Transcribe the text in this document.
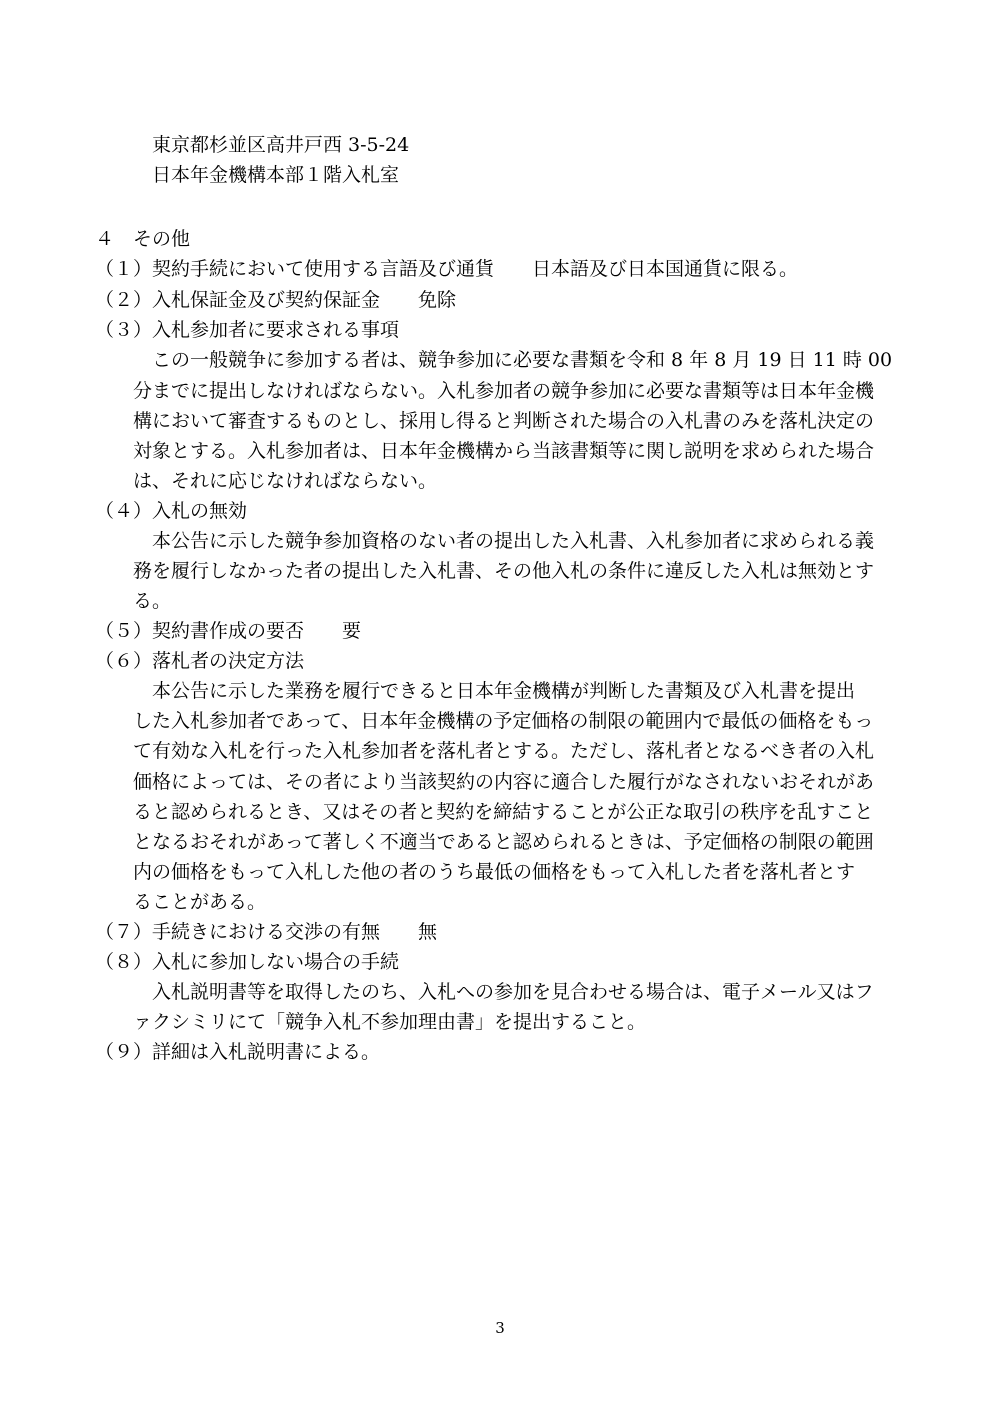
東京都杉並区高井戸西 3-5-24
日本年金機構本部１階入札室
４　その他
（１）契約手続において使用する言語及び通貨　　日本語及び日本国通貨に限る。
（２）入札保証金及び契約保証金　　免除
（３）入札参加者に要求される事項
この一般競争に参加する者は、競争参加に必要な書類を令和 8 年 8 月 19 日 11 時 00
分までに提出しなければならない。入札参加者の競争参加に必要な書類等は日本年金機
構において審査するものとし、採用し得ると判断された場合の入札書のみを落札決定の
対象とする。入札参加者は、日本年金機構から当該書類等に関し説明を求められた場合
は、それに応じなければならない。
（４）入札の無効
本公告に示した競争参加資格のない者の提出した入札書、入札参加者に求められる義
務を履行しなかった者の提出した入札書、その他入札の条件に違反した入札は無効とす
る。
（５）契約書作成の要否　　要
（６）落札者の決定方法
本公告に示した業務を履行できると日本年金機構が判断した書類及び入札書を提出
した入札参加者であって、日本年金機構の予定価格の制限の範囲内で最低の価格をもっ
て有効な入札を行った入札参加者を落札者とする。ただし、落札者となるべき者の入札
価格によっては、その者により当該契約の内容に適合した履行がなされないおそれがあ
ると認められるとき、又はその者と契約を締結することが公正な取引の秩序を乱すこと
となるおそれがあって著しく不適当であると認められるときは、予定価格の制限の範囲
内の価格をもって入札した他の者のうち最低の価格をもって入札した者を落札者とす
ることがある。
（７）手続きにおける交渉の有無　　無
（８）入札に参加しない場合の手続
入札説明書等を取得したのち、入札への参加を見合わせる場合は、電子メール又はフ
ァクシミリにて「競争入札不参加理由書」を提出すること。
（９）詳細は入札説明書による。
3
